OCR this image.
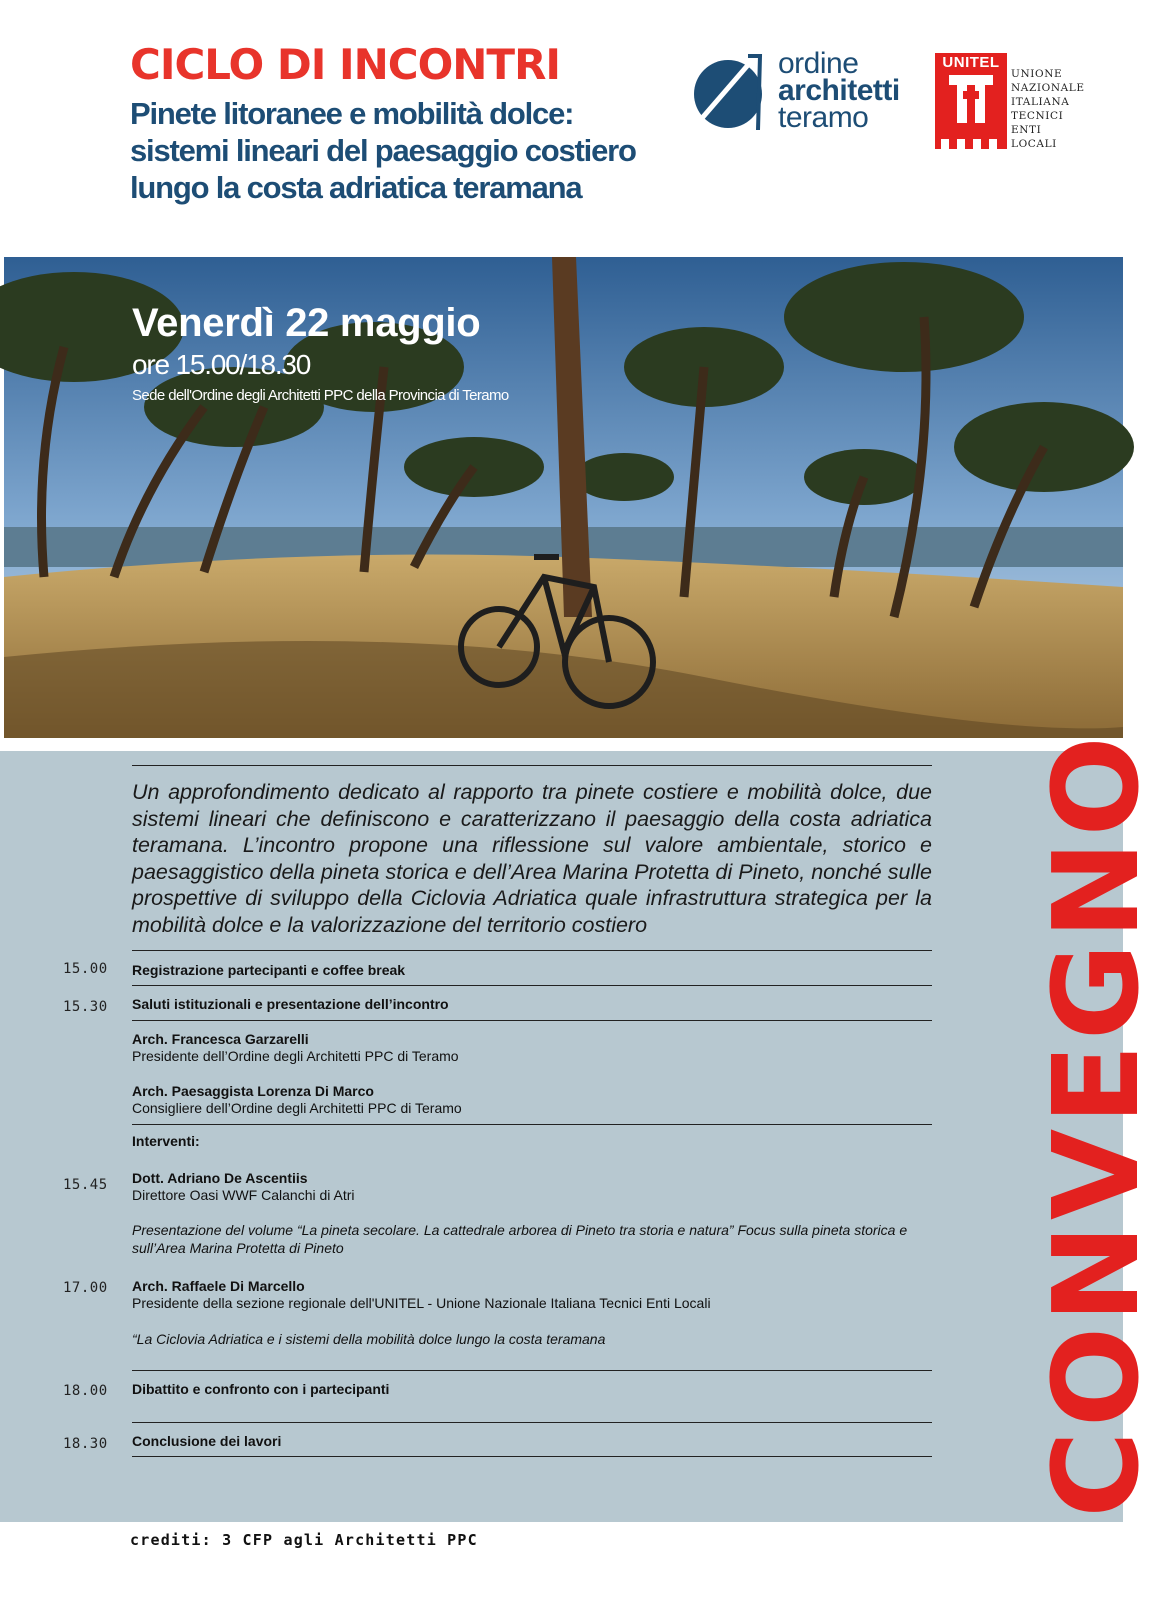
CICLO DI INCONTRI
Pinete litoranee e mobilità dolce: sistemi lineari del paesaggio costiero lungo la costa adriatica teramana
ordine
architetti
teramo
UNITEL
UNIONE
NAZIONALE
ITALIANA
TECNICI
ENTI
LOCALI
Venerdì 22 maggio
ore 15.00/18.30
Sede dell'Ordine degli Architetti PPC della Provincia di Teramo

Un approfondimento dedicato al rapporto tra pinete costiere e mobilità dolce, due sistemi lineari che definiscono e caratterizzano il paesaggio della costa adriatica teramana. L’incontro propone una riflessione sul valore ambientale, storico e paesaggistico della pineta storica e dell’Area Marina Protetta di Pineto, nonché sulle prospettive di sviluppo della Ciclovia Adriatica quale infrastruttura strategica per la mobilità dolce e la valorizzazione del territorio costiero

15.00 Registrazione partecipanti e coffee break
15.30 Saluti istituzionali e presentazione dell’incontro
Arch. Francesca Garzarelli
Presidente dell’Ordine degli Architetti PPC di Teramo
Arch. Paesaggista Lorenza Di Marco
Consigliere dell’Ordine degli Architetti PPC di Teramo
Interventi:
15.45 Dott. Adriano De Ascentiis
Direttore Oasi WWF Calanchi di Atri
Presentazione del volume “La pineta secolare. La cattedrale arborea di Pineto tra storia e natura” Focus sulla pineta storica e sull’Area Marina Protetta di Pineto
17.00 Arch. Raffaele Di Marcello
Presidente della sezione regionale dell'UNITEL - Unione Nazionale Italiana Tecnici Enti Locali
“La Ciclovia Adriatica e i sistemi della mobilità dolce lungo la costa teramana
18.00 Dibattito e confronto con i partecipanti
18.30 Conclusione dei lavori	CONVEGNO
crediti: 3 CFP agli Architetti PPC
